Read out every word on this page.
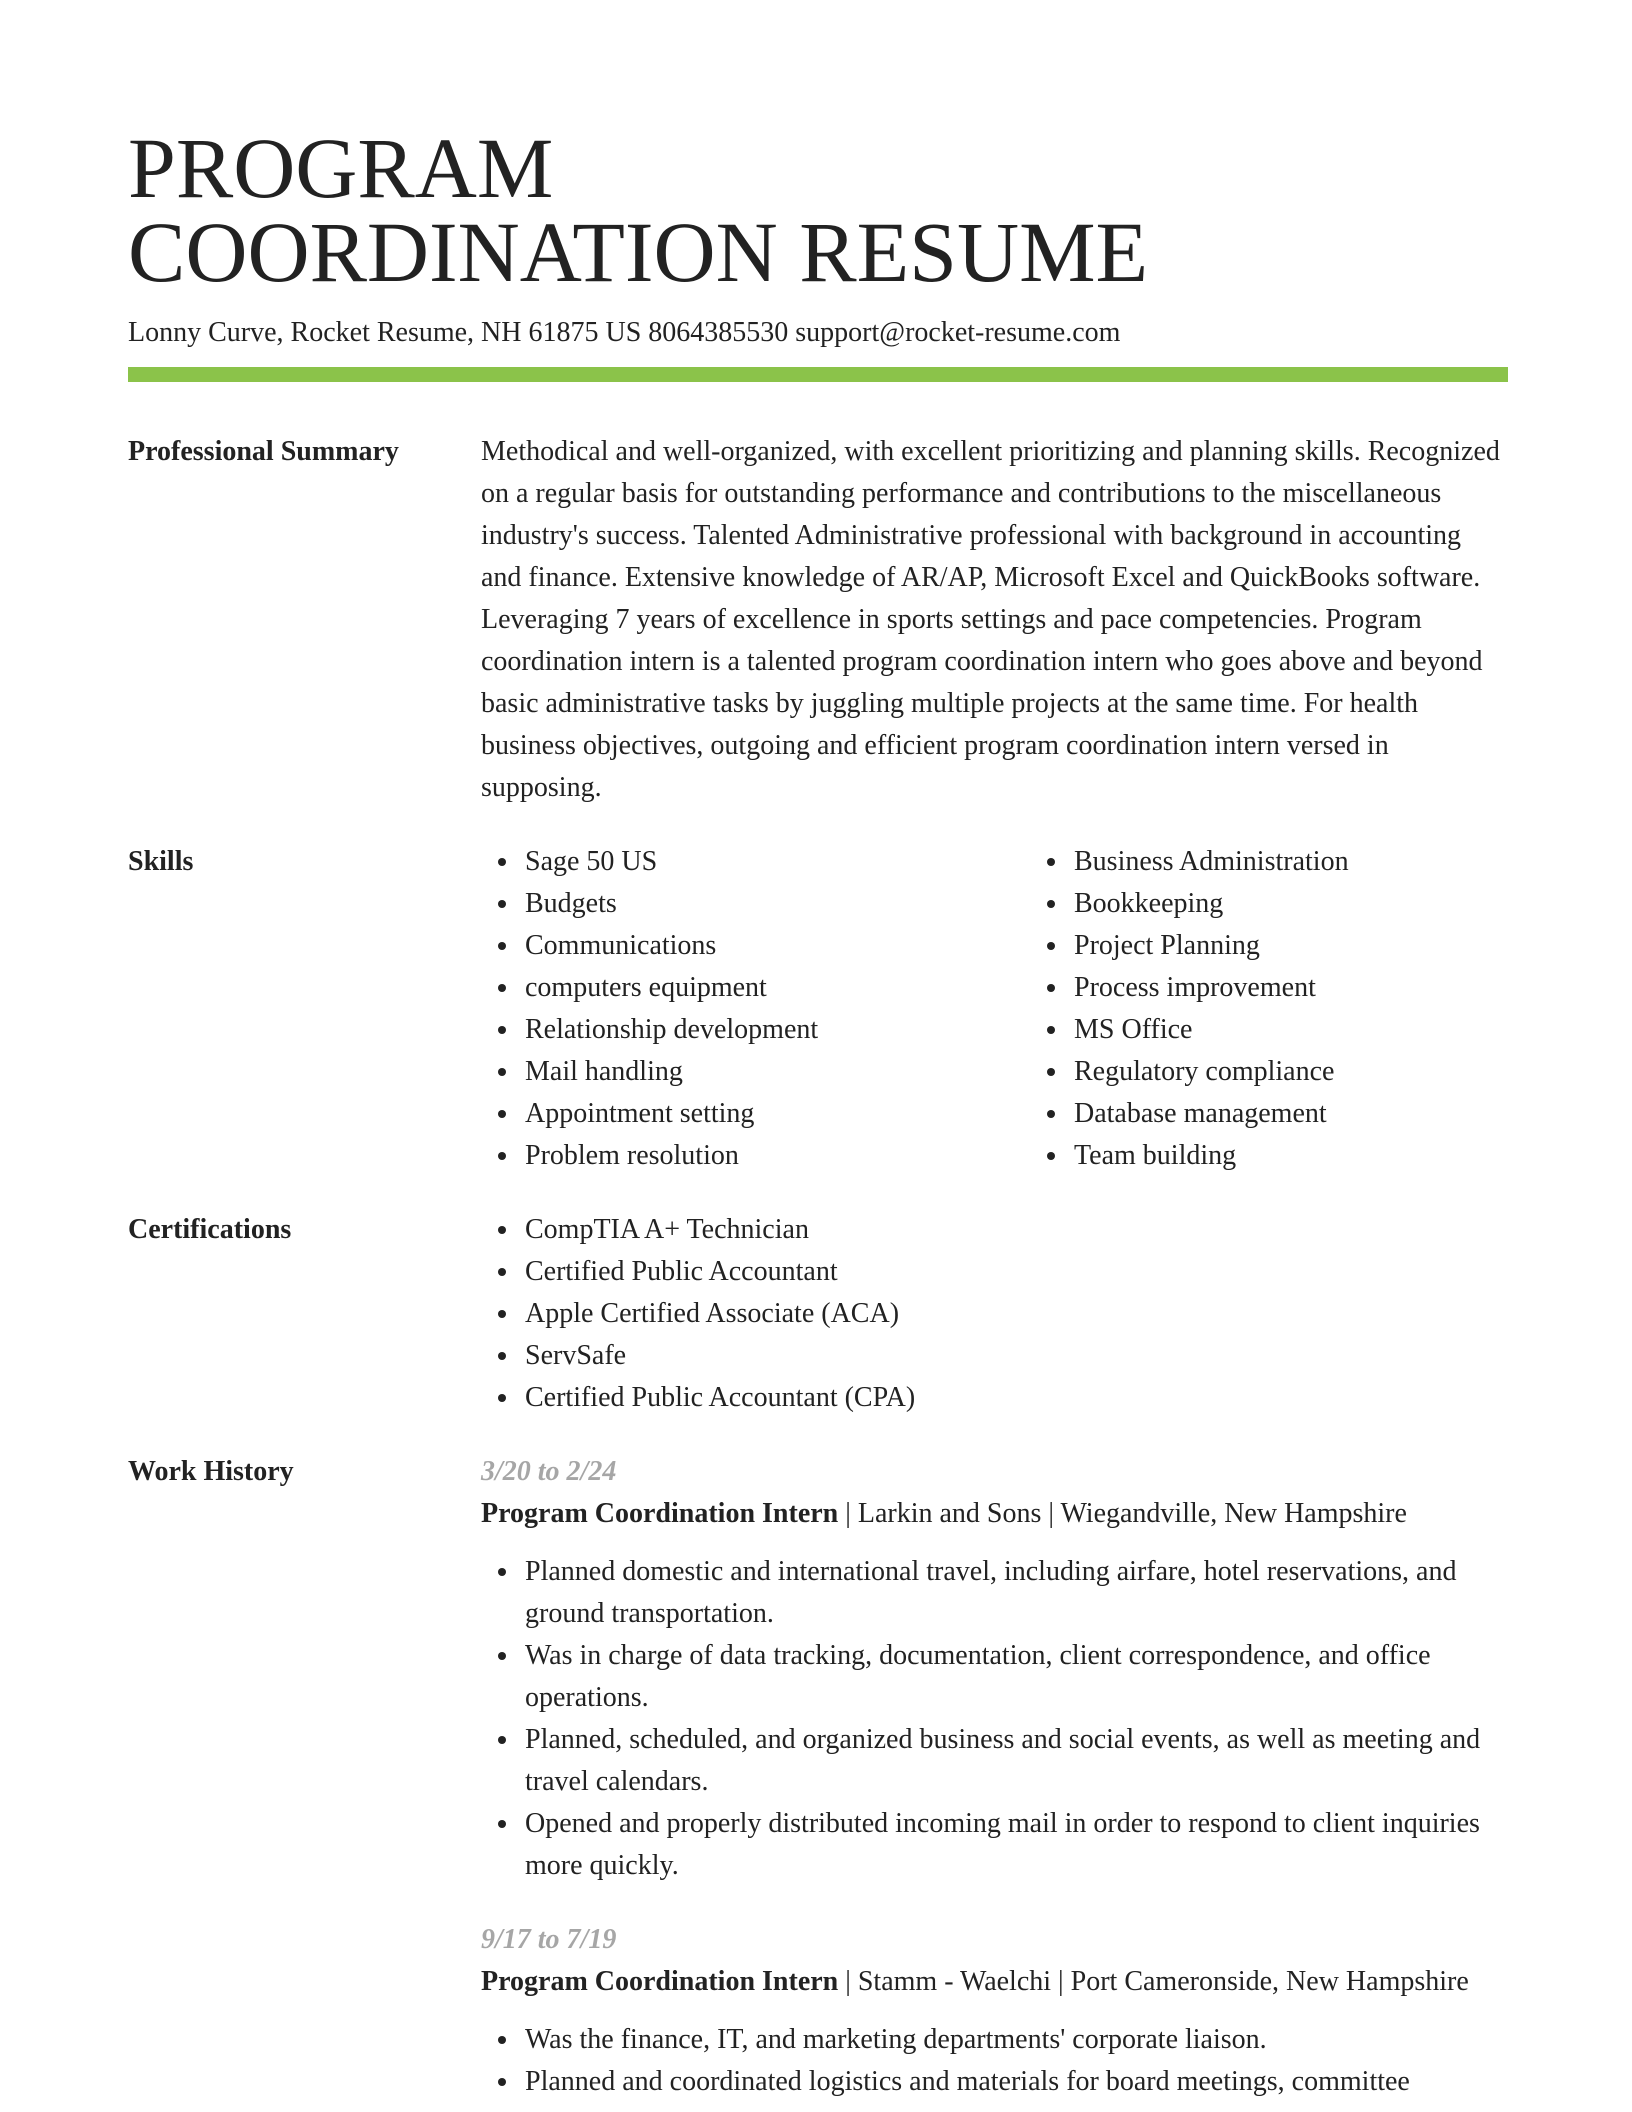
PROGRAM
COORDINATION RESUME
Lonny Curve, Rocket Resume, NH 61875 US 8064385530 support@rocket-resume.com
Professional Summary	Methodical and well-organized, with excellent prioritizing and planning skills. Recognized on a regular basis for outstanding performance and contributions to the miscellaneous industry's success. Talented Administrative professional with background in accounting and finance. Extensive knowledge of AR/AP, Microsoft Excel and QuickBooks software. Leveraging 7 years of excellence in sports settings and pace competencies. Program coordination intern is a talented program coordination intern who goes above and beyond basic administrative tasks by juggling multiple projects at the same time. For health business objectives, outgoing and efficient program coordination intern versed in supposing.

Skills	Sage 50 US
Budgets
Communications
computers equipment
Relationship development
Mail handling
Appointment setting
Problem resolution
Business Administration
Bookkeeping
Project Planning
Process improvement
MS Office
Regulatory compliance
Database management
Team building
Certifications	CompTIA A+ Technician
Certified Public Accountant
Apple Certified Associate (ACA)
ServSafe
Certified Public Accountant (CPA)
Work History	3/20 to 2/24
Program Coordination Intern | Larkin and Sons | Wiegandville, New Hampshire
Planned domestic and international travel, including airfare, hotel reservations, and ground transportation.
Was in charge of data tracking, documentation, client correspondence, and office operations.
Planned, scheduled, and organized business and social events, as well as meeting and travel calendars.
Opened and properly distributed incoming mail in order to respond to client inquiries more quickly.
9/17 to 7/19
Program Coordination Intern | Stamm - Waelchi | Port Cameronside, New Hampshire
Was the finance, IT, and marketing departments' corporate liaison.
Planned and coordinated logistics and materials for board meetings, committee
